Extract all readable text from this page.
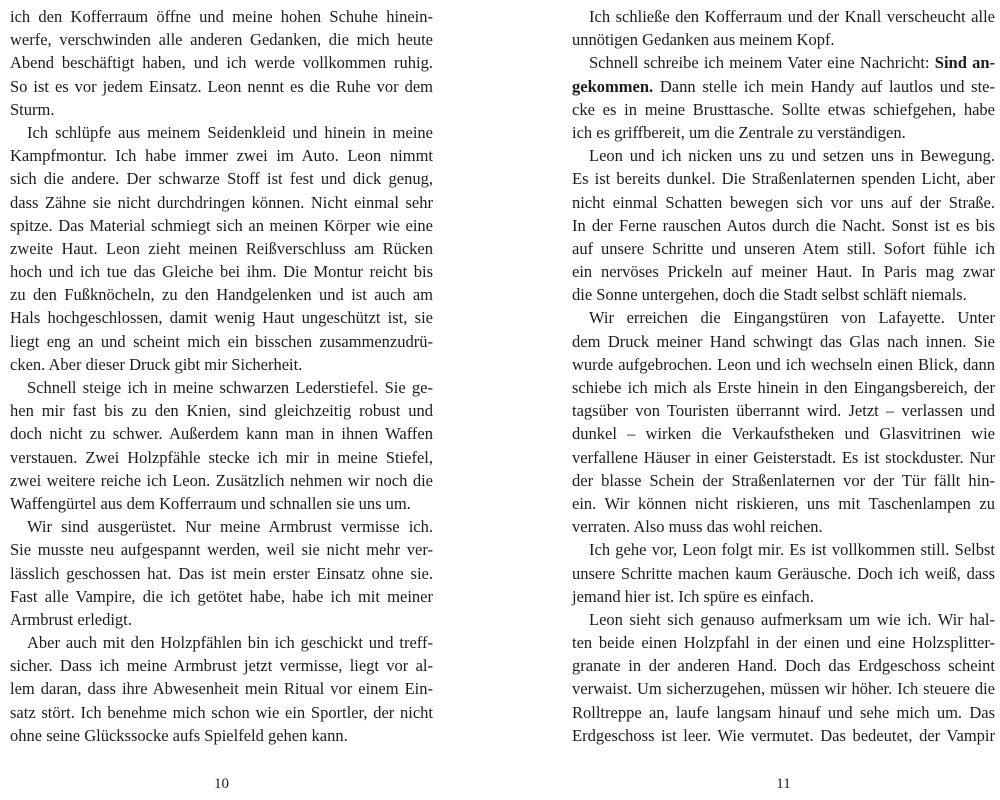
ich den Kofferraum öffne und meine hohen Schuhe hinein-
werfe, verschwinden alle anderen Gedanken, die mich heute
Abend beschäftigt haben, und ich werde vollkommen ruhig.
So ist es vor jedem Einsatz. Leon nennt es die Ruhe vor dem
Sturm.
Ich schlüpfe aus meinem Seidenkleid und hinein in meine
Kampfmontur. Ich habe immer zwei im Auto. Leon nimmt
sich die andere. Der schwarze Stoff ist fest und dick genug,
dass Zähne sie nicht durchdringen können. Nicht einmal sehr
spitze. Das Material schmiegt sich an meinen Körper wie eine
zweite Haut. Leon zieht meinen Reißverschluss am Rücken
hoch und ich tue das Gleiche bei ihm. Die Montur reicht bis
zu den Fußknöcheln, zu den Handgelenken und ist auch am
Hals hochgeschlossen, damit wenig Haut ungeschützt ist, sie
liegt eng an und scheint mich ein bisschen zusammenzudrü-
cken. Aber dieser Druck gibt mir Sicherheit.
Schnell steige ich in meine schwarzen Lederstiefel. Sie ge-
hen mir fast bis zu den Knien, sind gleichzeitig robust und
doch nicht zu schwer. Außerdem kann man in ihnen Waffen
verstauen. Zwei Holzpfähle stecke ich mir in meine Stiefel,
zwei weitere reiche ich Leon. Zusätzlich nehmen wir noch die
Waffengürtel aus dem Kofferraum und schnallen sie uns um.
Wir sind ausgerüstet. Nur meine Armbrust vermisse ich.
Sie musste neu aufgespannt werden, weil sie nicht mehr ver-
lässlich geschossen hat. Das ist mein erster Einsatz ohne sie.
Fast alle Vampire, die ich getötet habe, habe ich mit meiner
Armbrust erledigt.
Aber auch mit den Holzpfählen bin ich geschickt und treff-
sicher. Dass ich meine Armbrust jetzt vermisse, liegt vor al-
lem daran, dass ihre Abwesenheit mein Ritual vor einem Ein-
satz stört. Ich benehme mich schon wie ein Sportler, der nicht
ohne seine Glückssocke aufs Spielfeld gehen kann.
Ich schließe den Kofferraum und der Knall verscheucht alle
unnötigen Gedanken aus meinem Kopf.
Schnell schreibe ich meinem Vater eine Nachricht: Sind an-
gekommen. Dann stelle ich mein Handy auf lautlos und ste-
cke es in meine Brusttasche. Sollte etwas schiefgehen, habe
ich es griffbereit, um die Zentrale zu verständigen.
Leon und ich nicken uns zu und setzen uns in Bewegung.
Es ist bereits dunkel. Die Straßenlaternen spenden Licht, aber
nicht einmal Schatten bewegen sich vor uns auf der Straße.
In der Ferne rauschen Autos durch die Nacht. Sonst ist es bis
auf unsere Schritte und unseren Atem still. Sofort fühle ich
ein nervöses Prickeln auf meiner Haut. In Paris mag zwar
die Sonne untergehen, doch die Stadt selbst schläft niemals.
Wir erreichen die Eingangstüren von Lafayette. Unter
dem Druck meiner Hand schwingt das Glas nach innen. Sie
wurde aufgebrochen. Leon und ich wechseln einen Blick, dann
schiebe ich mich als Erste hinein in den Eingangsbereich, der
tagsüber von Touristen überrannt wird. Jetzt – verlassen und
dunkel – wirken die Verkaufstheken und Glasvitrinen wie
verfallene Häuser in einer Geisterstadt. Es ist stockduster. Nur
der blasse Schein der Straßenlaternen vor der Tür fällt hin-
ein. Wir können nicht riskieren, uns mit Taschenlampen zu
verraten. Also muss das wohl reichen.
Ich gehe vor, Leon folgt mir. Es ist vollkommen still. Selbst
unsere Schritte machen kaum Geräusche. Doch ich weiß, dass
jemand hier ist. Ich spüre es einfach.
Leon sieht sich genauso aufmerksam um wie ich. Wir hal-
ten beide einen Holzpfahl in der einen und eine Holzsplitter-
granate in der anderen Hand. Doch das Erdgeschoss scheint
verwaist. Um sicherzugehen, müssen wir höher. Ich steuere die
Rolltreppe an, laufe langsam hinauf und sehe mich um. Das
Erdgeschoss ist leer. Wie vermutet. Das bedeutet, der Vampir
10	11
